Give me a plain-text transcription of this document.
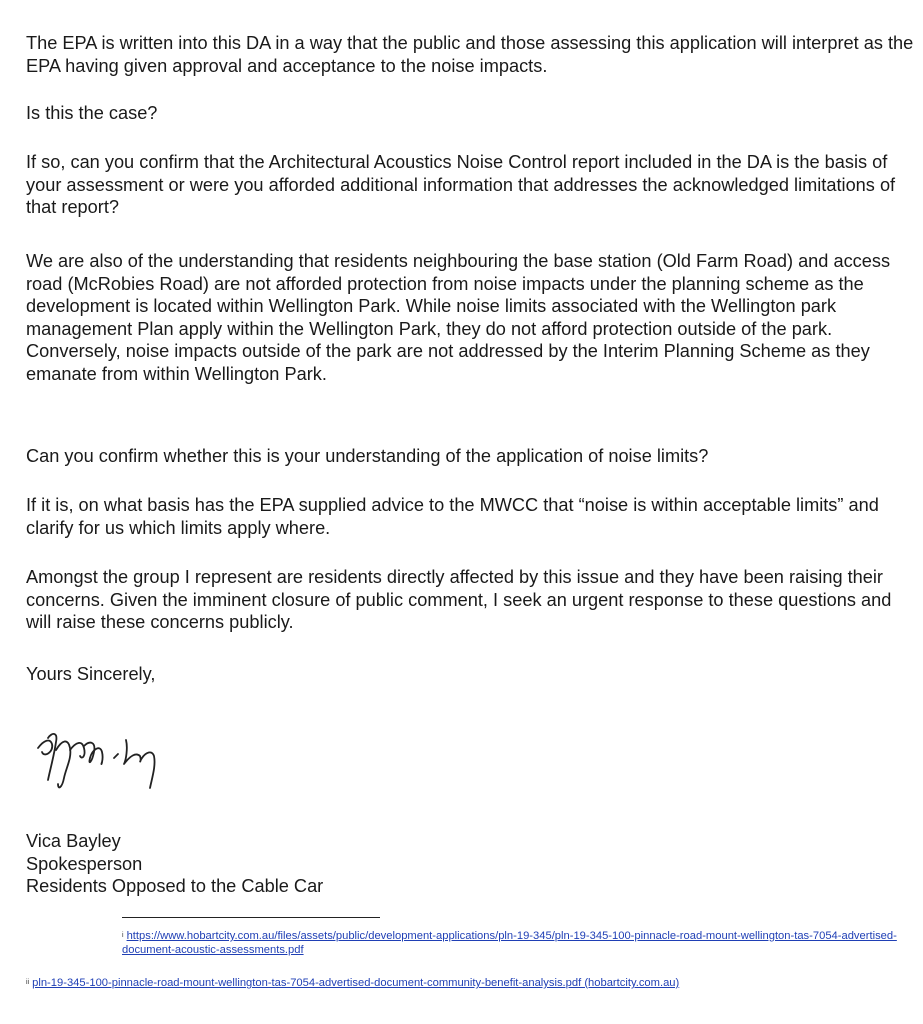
The EPA is written into this DA in a way that the public and those assessing this application will interpret as the EPA having given approval and acceptance to the noise impacts.

Is this the case?

If so, can you confirm that the Architectural Acoustics Noise Control report included in the DA is the basis of your assessment or were you afforded additional information that addresses the acknowledged limitations of that report?

We are also of the understanding that residents neighbouring the base station (Old Farm Road) and access road (McRobies Road) are not afforded protection from noise impacts under the planning scheme as the development is located within Wellington Park. While noise limits associated with the Wellington park management Plan apply within the Wellington Park, they do not afford protection outside of the park. Conversely, noise impacts outside of the park are not addressed by the Interim Planning Scheme as they emanate from within Wellington Park.

Can you confirm whether this is your understanding of the application of noise limits?

If it is, on what basis has the EPA supplied advice to the MWCC that “noise is within acceptable limits” and clarify for us which limits apply where.

Amongst the group I represent are residents directly affected by this issue and they have been raising their concerns. Given the imminent closure of public comment, I seek an urgent response to these questions and will raise these concerns publicly.

Yours Sincerely,

Vica Bayley
Spokesperson
Residents Opposed to the Cable Car
$^i$ https://www.hobartcity.com.au/files/assets/public/development-applications/pln-19-345/pln-19-345-100-pinnacle-road-mount-wellington-tas-7054-advertised-document-acoustic-assessments.pdf
$^{ii}$ pln-19-345-100-pinnacle-road-mount-wellington-tas-7054-advertised-document-community-benefit-analysis.pdf (hobartcity.com.au)
